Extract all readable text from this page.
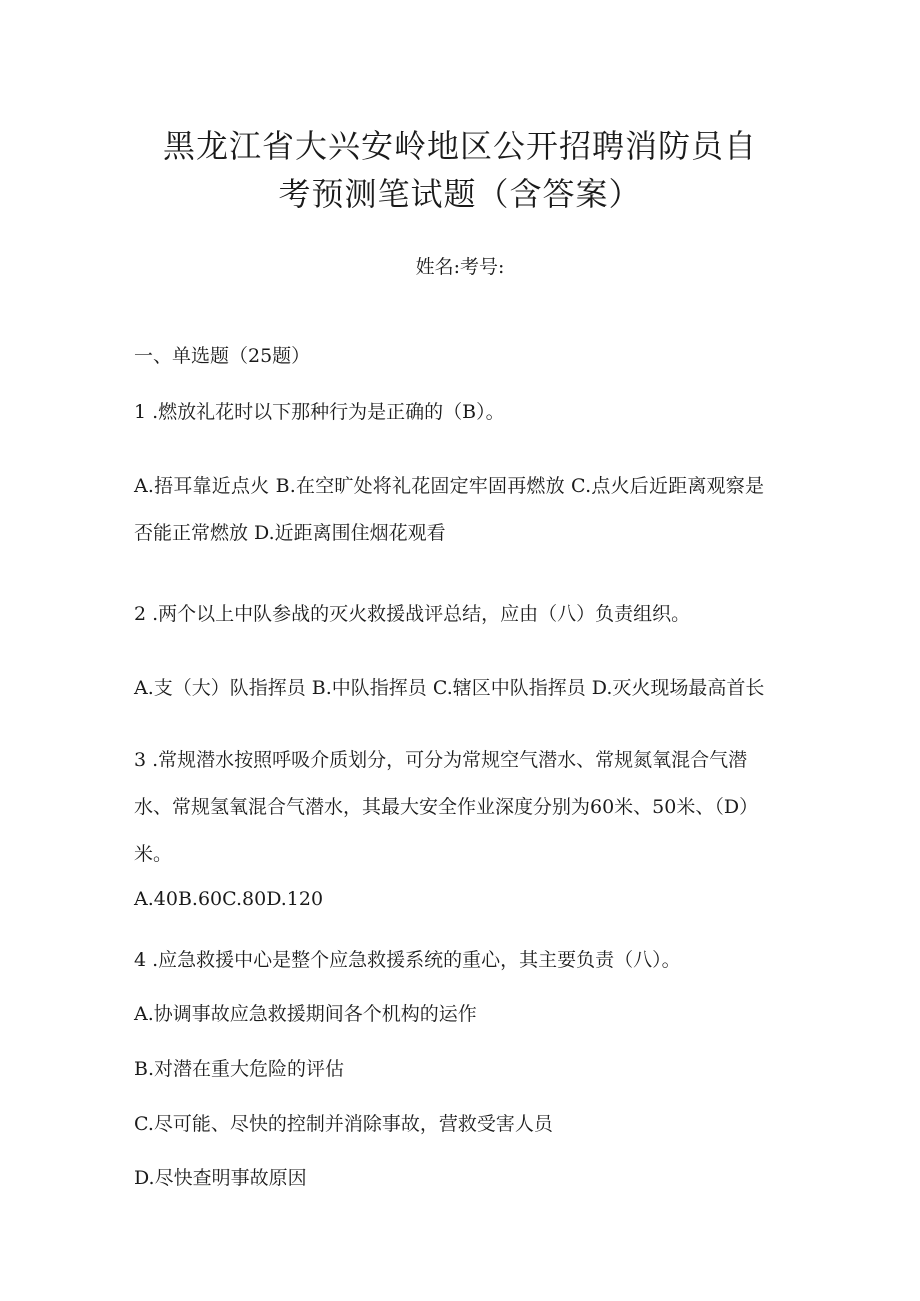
黑龙江省大兴安岭地区公开招聘消防员自
考预测笔试题（含答案）
姓名:考号:
一、单选题（25题）
1 .燃放礼花时以下那种行为是正确的（B）。
A.捂耳靠近点火 B.在空旷处将礼花固定牢固再燃放 C.点火后近距离观察是
否能正常燃放 D.近距离围住烟花观看
2 .两个以上中队参战的灭火救援战评总结，应由（八）负责组织。
A.支（大）队指挥员 B.中队指挥员 C.辖区中队指挥员 D.灭火现场最高首长
3 .常规潜水按照呼吸介质划分，可分为常规空气潜水、常规氮氧混合气潜
水、常规氢氧混合气潜水，其最大安全作业深度分别为60米、50米、（D）
米。
A.40B.60C.80D.120
4 .应急救援中心是整个应急救援系统的重心，其主要负责（八）。
A.协调事故应急救援期间各个机构的运作
B.对潜在重大危险的评估
C.尽可能、尽快的控制并消除事故，营救受害人员
D.尽快查明事故原因
